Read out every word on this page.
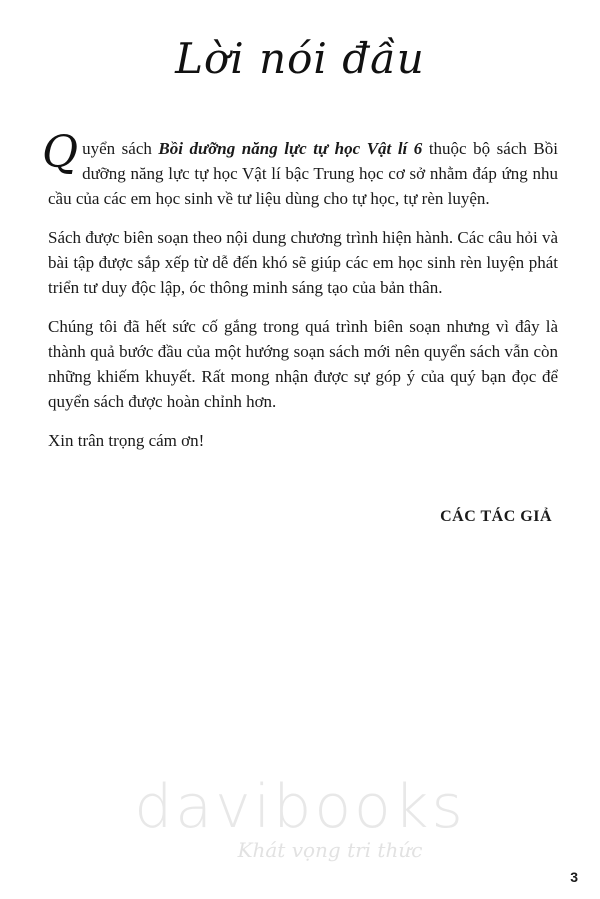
Lời nói đầu

Quyển sách Bồi dưỡng năng lực tự học Vật lí 6 thuộc bộ sách Bồi dưỡng năng lực tự học Vật lí bậc Trung học cơ sở nhằm đáp ứng nhu cầu của các em học sinh về tư liệu dùng cho tự học, tự rèn luyện.

Sách được biên soạn theo nội dung chương trình hiện hành. Các câu hỏi và bài tập được sắp xếp từ dễ đến khó sẽ giúp các em học sinh rèn luyện phát triển tư duy độc lập, óc thông minh sáng tạo của bản thân.

Chúng tôi đã hết sức cố gắng trong quá trình biên soạn nhưng vì đây là thành quả bước đầu của một hướng soạn sách mới nên quyển sách vẫn còn những khiếm khuyết. Rất mong nhận được sự góp ý của quý bạn đọc để quyển sách được hoàn chỉnh hơn.

Xin trân trọng cám ơn!

CÁC TÁC GIẢ
davibooks
Khát vọng tri thức
3
